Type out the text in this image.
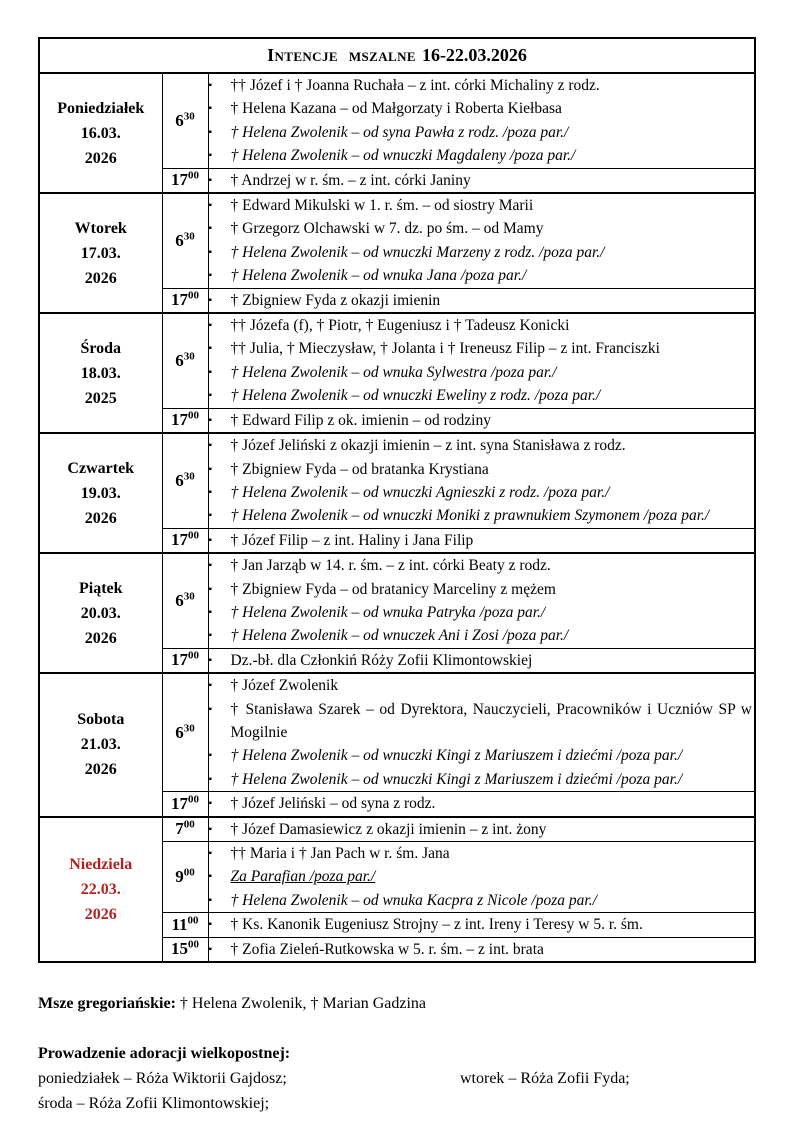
Intencje mszalne 16-22.03.2026		

Poniedziałek
16.03.
2026
	$6^{30}$	
▪	†† Józef i † Joanna Ruchała – z int. córki Michaliny z rodz.
▪	† Helena Kazana – od Małgorzaty i Roberta Kiełbasa
▪	† Helena Zwolenik – od syna Pawła z rodz. /poza par./
▪	† Helena Zwolenik – od wnuczki Magdaleny /poza par./

	$17^{00}$	▪ † Andrzej w r. śm. – z int. córki Janiny

Wtorek
17.03.
2026
	$6^{30}$	
▪	† Edward Mikulski w 1. r. śm. – od siostry Marii
▪	† Grzegorz Olchawski w 7. dz. po śm. – od Mamy
▪	† Helena Zwolenik – od wnuczki Marzeny z rodz. /poza par./
▪	† Helena Zwolenik – od wnuka Jana /poza par./

	$17^{00}$	▪ † Zbigniew Fyda z okazji imienin

Środa
18.03.
2025
	$6^{30}$	
▪	†† Józefa (f), † Piotr, † Eugeniusz i † Tadeusz Konicki
▪	†† Julia, † Mieczysław, † Jolanta i † Ireneusz Filip – z int. Franciszki
▪	† Helena Zwolenik – od wnuka Sylwestra /poza par./
▪	† Helena Zwolenik – od wnuczki Eweliny z rodz. /poza par./

	$17^{00}$	▪ † Edward Filip z ok. imienin – od rodziny

Czwartek
19.03.
2026
	$6^{30}$	
▪	† Józef Jeliński z okazji imienin – z int. syna Stanisława z rodz.
▪	† Zbigniew Fyda – od bratanka Krystiana
▪	† Helena Zwolenik – od wnuczki Agnieszki z rodz. /poza par./
▪	† Helena Zwolenik – od wnuczki Moniki z prawnukiem Szymonem /poza par./

	$17^{00}$	▪ † Józef Filip – z int. Haliny i Jana Filip

Piątek
20.03.
2026
	$6^{30}$	
▪	† Jan Jarząb w 14. r. śm. – z int. córki Beaty z rodz.
▪	† Zbigniew Fyda – od bratanicy Marceliny z mężem
▪	† Helena Zwolenik – od wnuka Patryka /poza par./
▪	† Helena Zwolenik – od wnuczek Ani i Zosi /poza par./

	$17^{00}$	▪ Dz.-bł. dla Członkiń Róży Zofii Klimontowskiej

Sobota
21.03.
2026
	$6^{30}$	
▪	† Józef Zwolenik
▪	† Stanisława Szarek – od Dyrektora, Nauczycieli, Pracowników i Uczniów SP w Mogilnie
▪	† Helena Zwolenik – od wnuczki Kingi z Mariuszem i dziećmi /poza par./
▪	† Helena Zwolenik – od wnuczki Kingi z Mariuszem i dziećmi /poza par./

	$17^{00}$	▪ † Józef Jeliński – od syna z rodz.

Niedziela
22.03.
2026
	$7^{00}$	▪	† Józef Damasiewicz z okazji imienin – z int. żony

$9^{00}$	
▪	†† Maria i † Jan Pach w r. śm. Jana
▪	Za Parafian /poza par./
▪	† Helena Zwolenik – od wnuka Kacpra z Nicole /poza par./

	$11^{00}$	▪ † Ks. Kanonik Eugeniusz Strojny – z int. Ireny i Teresy w 5. r. śm.

	$15^{00}$	▪ † Zofia Zieleń-Rutkowska w 5. r. śm. – z int. brata
Msze gregoriańskie: † Helena Zwolenik, † Marian Gadzina
Prowadzenie adoracji wielkopostnej:
poniedziałek – Róża Wiktorii Gajdosz;	wtorek – Róża Zofii Fyda;
środa – Róża Zofii Klimontowskiej;
